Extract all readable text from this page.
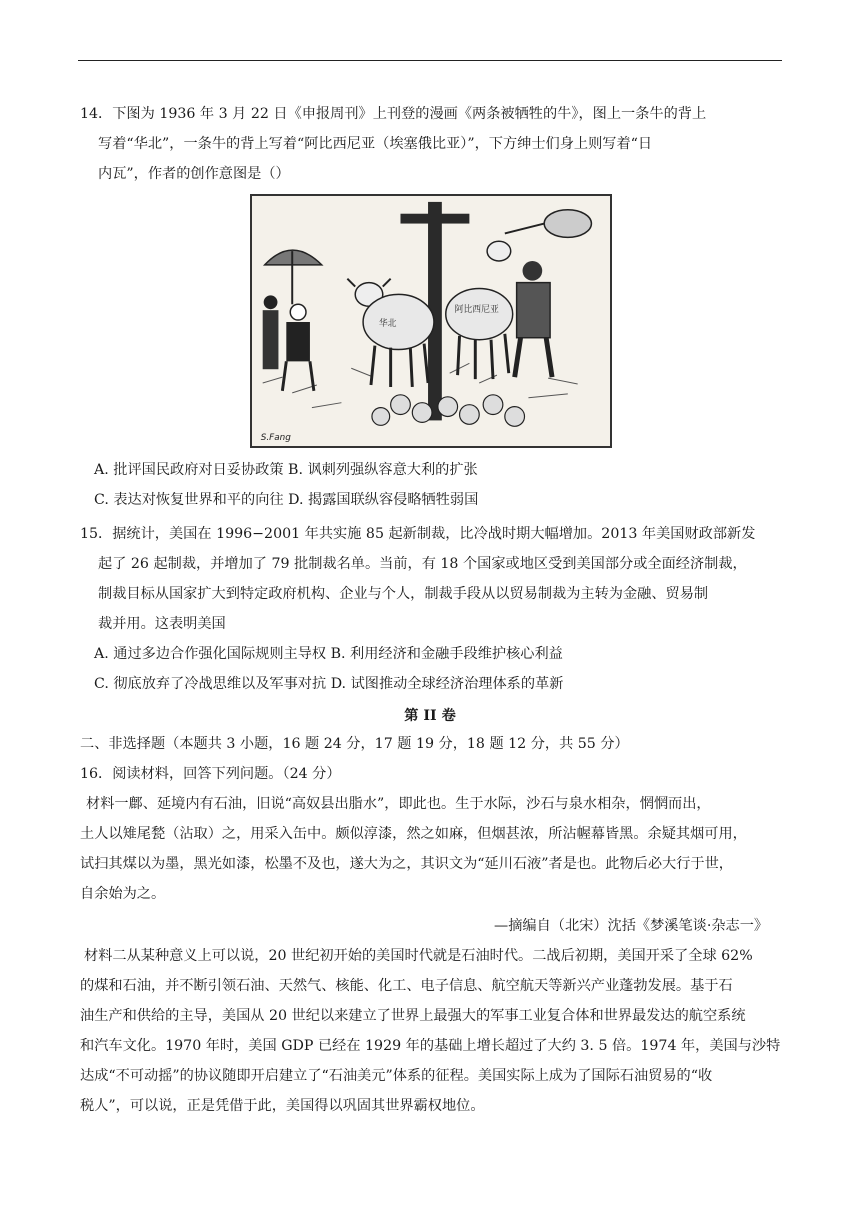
14．下图为 1936 年 3 月 22 日《申报周刊》上刊登的漫画《两条被牺牲的牛》，图上一条牛的背上
写着“华北”，一条牛的背上写着“阿比西尼亚（埃塞俄比亚）”，下方绅士们身上则写着“日
内瓦”，作者的创作意图是（）
华北
阿比西尼亚
S.Fang
A. 批评国民政府对日妥协政策 B. 讽刺列强纵容意大利的扩张
C. 表达对恢复世界和平的向往 D. 揭露国联纵容侵略牺牲弱国
15．据统计，美国在 1996−2001 年共实施 85 起新制裁，比冷战时期大幅增加。2013 年美国财政部新发
起了 26 起制裁，并增加了 79 批制裁名单。当前，有 18 个国家或地区受到美国部分或全面经济制裁，
制裁目标从国家扩大到特定政府机构、企业与个人，制裁手段从以贸易制裁为主转为金融、贸易制
裁并用。这表明美国
A. 通过多边合作强化国际规则主导权 B. 利用经济和金融手段维护核心利益
C. 彻底放弃了冷战思维以及军事对抗 D. 试图推动全球经济治理体系的革新
第 II 卷
二、非选择题（本题共 3 小题，16 题 24 分，17 题 19 分，18 题 12 分，共 55 分）
16．阅读材料，回答下列问题。（24 分）
材料一鄜、延境内有石油，旧说“高奴县出脂水”，即此也。生于水际，沙石与泉水相杂，惘惘而出，
土人以雉尾甃（沾取）之，用采入缶中。颇似淳漆，然之如麻，但烟甚浓，所沾幄幕皆黑。余疑其烟可用，
试扫其煤以为墨，黑光如漆，松墨不及也，遂大为之，其识文为“延川石液”者是也。此物后必大行于世，
自余始为之。
—摘编自（北宋）沈括《梦溪笔谈·杂志一》
材料二从某种意义上可以说，20 世纪初开始的美国时代就是石油时代。二战后初期，美国开采了全球 62%
的煤和石油，并不断引领石油、天然气、核能、化工、电子信息、航空航天等新兴产业蓬勃发展。基于石
油生产和供给的主导，美国从 20 世纪以来建立了世界上最强大的军事工业复合体和世界最发达的航空系统
和汽车文化。1970 年时，美国 GDP 已经在 1929 年的基础上增长超过了大约 3. 5 倍。1974 年，美国与沙特
达成“不可动摇”的协议随即开启建立了“石油美元”体系的征程。美国实际上成为了国际石油贸易的“收
税人”，可以说，正是凭借于此，美国得以巩固其世界霸权地位。
